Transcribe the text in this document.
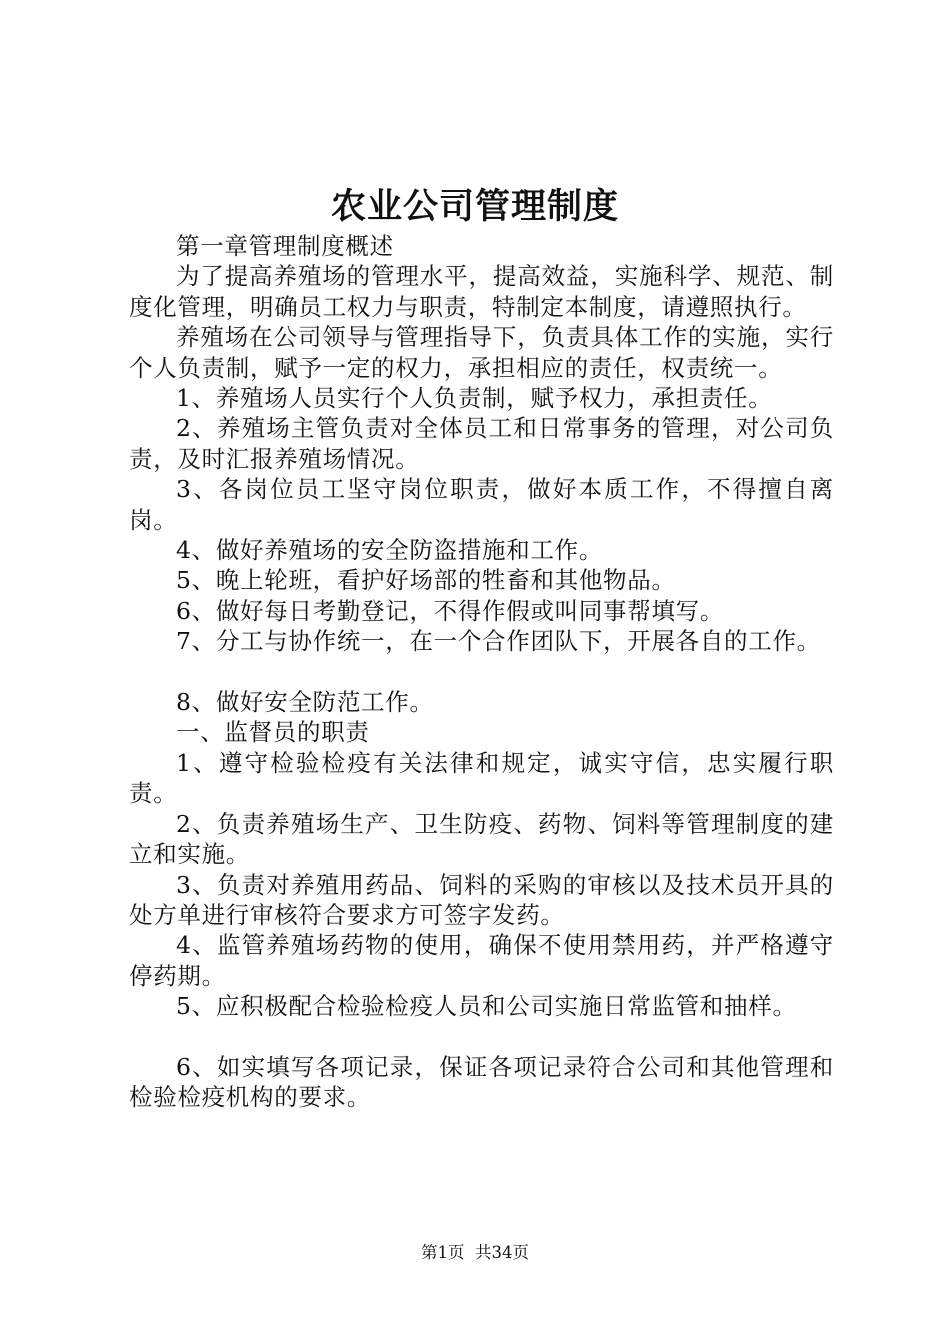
农业公司管理制度

第一章管理制度概述

为了提高养殖场的管理水平，提高效益，实施科学、规范、制度化管理，明确员工权力与职责，特制定本制度，请遵照执行。

养殖场在公司领导与管理指导下，负责具体工作的实施，实行个人负责制，赋予一定的权力，承担相应的责任，权责统一。

1、养殖场人员实行个人负责制，赋予权力，承担责任。

2、养殖场主管负责对全体员工和日常事务的管理，对公司负责，及时汇报养殖场情况。

3、各岗位员工坚守岗位职责，做好本质工作，不得擅自离岗。

4、做好养殖场的安全防盗措施和工作。

5、晚上轮班，看护好场部的牲畜和其他物品。

6、做好每日考勤登记，不得作假或叫同事帮填写。

7、分工与协作统一，在一个合作团队下，开展各自的工作。

8、做好安全防范工作。

一、监督员的职责

1、遵守检验检疫有关法律和规定，诚实守信，忠实履行职责。

2、负责养殖场生产、卫生防疫、药物、饲料等管理制度的建立和实施。

3、负责对养殖用药品、饲料的采购的审核以及技术员开具的处方单进行审核符合要求方可签字发药。

4、监管养殖场药物的使用，确保不使用禁用药，并严格遵守停药期。

5、应积极配合检验检疫人员和公司实施日常监管和抽样。

6、如实填写各项记录，保证各项记录符合公司和其他管理和检验检疫机构的要求。

第1页 共34页
